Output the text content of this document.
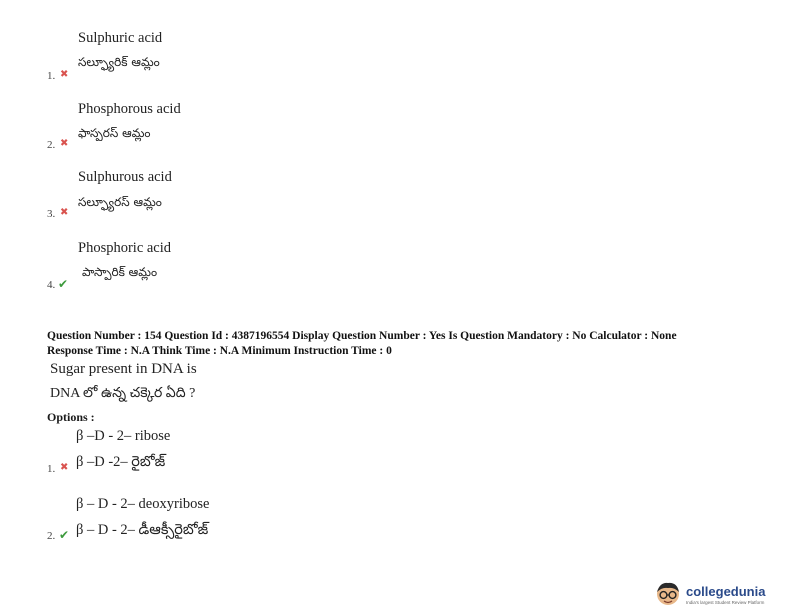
Sulphuric acid
సల్ఫ్యూరిక్ ఆమ్లం
1. ✖
Phosphorous acid
ఫాస్పరస్ ఆమ్లం
2. ✖
Sulphurous acid
సల్ఫ్యూరస్ ఆమ్లం
3. ✖
Phosphoric acid
పాస్పారిక్ ఆమ్లం
4. ✔
Question Number : 154 Question Id : 4387196554 Display Question Number : Yes Is Question Mandatory : No Calculator : None
Response Time : N.A Think Time : N.A Minimum Instruction Time : 0
Sugar present in DNA is
DNA లో ఉన్న చక్కెర ఏది ?
Options :
β –D - 2– ribose
β –D -2– రైబోజ్
1. ✖
β – D - 2– deoxyribose
β – D - 2– డీఆక్సీరైబోజ్
2. ✔
collegedunia
India's largest Student Review Platform
